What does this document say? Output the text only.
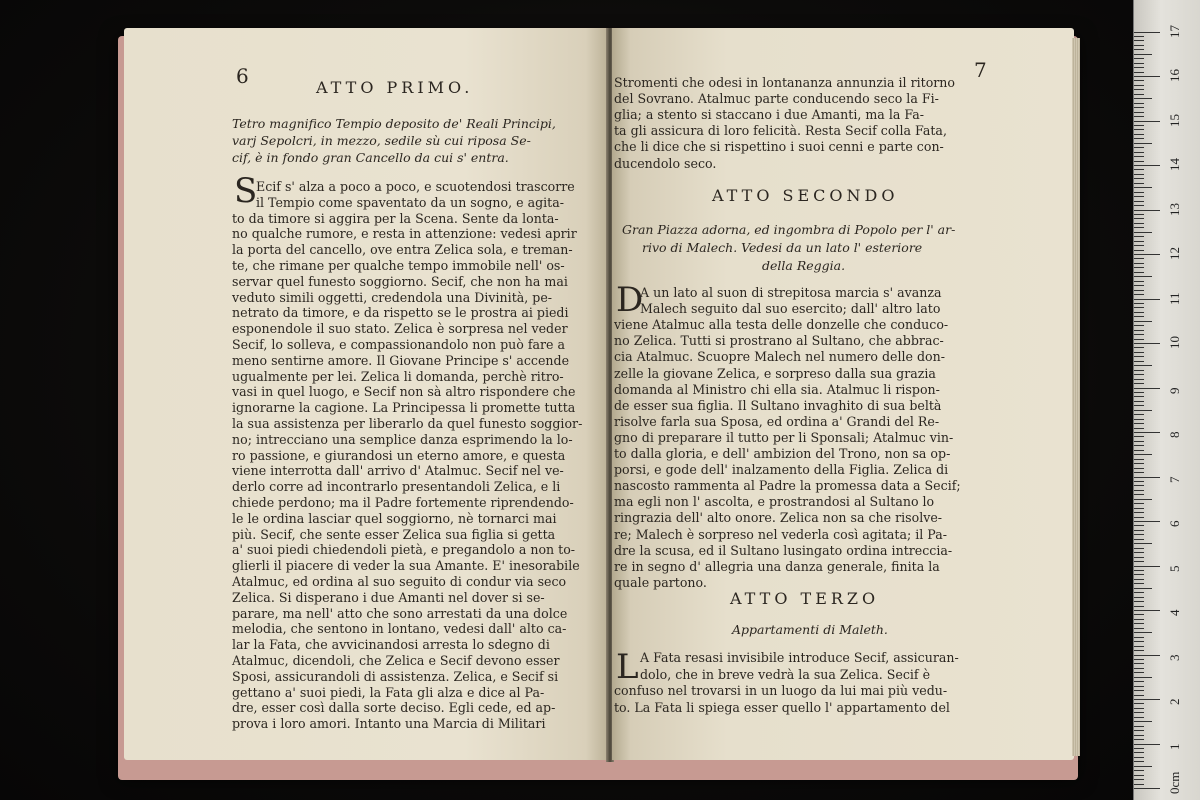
0cm
1
2
3
4
5
6
7
8
9
10
11
12
13
14
15
16
17
6	ATTO PRIMO.
S
Tetro magnifico Tempio deposito de' Reali Principi,
varj Sepolcri, in mezzo, sedile sù cui riposa Se-
cif, è in fondo gran Cancello da cui s' entra.
Ecif s' alza a poco a poco, e scuotendosi trascorre
il Tempio come spaventato da un sogno, e agita-
to da timore si aggira per la Scena. Sente da lonta-
no qualche rumore, e resta in attenzione: vedesi aprir
la porta del cancello, ove entra Zelica sola, e treman-
te, che rimane per qualche tempo immobile nell' os-
servar quel funesto soggiorno. Secif, che non ha mai
veduto simili oggetti, credendola una Divinità, pe-
netrato da timore, e da rispetto se le prostra ai piedi
esponendole il suo stato. Zelica è sorpresa nel veder
Secif, lo solleva, e compassionandolo non può fare a
meno sentirne amore. Il Giovane Principe s' accende
ugualmente per lei. Zelica li domanda, perchè ritro-
vasi in quel luogo, e Secif non sà altro rispondere che
ignorarne la cagione. La Principessa li promette tutta
la sua assistenza per liberarlo da quel funesto soggior-
no; intrecciano una semplice danza esprimendo la lo-
ro passione, e giurandosi un eterno amore, e questa
viene interrotta dall' arrivo d' Atalmuc. Secif nel ve-
derlo corre ad incontrarlo presentandoli Zelica, e li
chiede perdono; ma il Padre fortemente riprendendo-
le le ordina lasciar quel soggiorno, nè tornarci mai
più. Secif, che sente esser Zelica sua figlia si getta
a' suoi piedi chiedendoli pietà, e pregandolo a non to-
glierli il piacere di veder la sua Amante. E' inesorabile
Atalmuc, ed ordina al suo seguito di condur via seco
Zelica. Si disperano i due Amanti nel dover si se-
parare, ma nell' atto che sono arrestati da una dolce
melodia, che sentono in lontano, vedesi dall' alto ca-
lar la Fata, che avvicinandosi arresta lo sdegno di
Atalmuc, dicendoli, che Zelica e Secif devono esser
Sposi, assicurandoli di assistenza. Zelica, e Secif si
gettano a' suoi piedi, la Fata gli alza e dice al Pa-
dre, esser così dalla sorte deciso. Egli cede, ed ap-
prova i loro amori. Intanto una Marcia di Militari
7
ATTO SECONDO
D
ATTO TERZO
L
Stromenti che odesi in lontananza annunzia il ritorno
del Sovrano. Atalmuc parte conducendo seco la Fi-
glia; a stento si staccano i due Amanti, ma la Fa-
ta gli assicura di loro felicità. Resta Secif colla Fata,
che li dice che si rispettino i suoi cenni e parte con-
ducendolo seco.
Gran Piazza adorna, ed ingombra di Popolo per l' ar-
rivo di Malech. Vedesi da un lato l' esteriore
della Reggia.
A un lato al suon di strepitosa marcia s' avanza
Malech seguito dal suo esercito; dall' altro lato
viene Atalmuc alla testa delle donzelle che conduco-
no Zelica. Tutti si prostrano al Sultano, che abbrac-
cia Atalmuc. Scuopre Malech nel numero delle don-
zelle la giovane Zelica, e sorpreso dalla sua grazia
domanda al Ministro chi ella sia. Atalmuc li rispon-
de esser sua figlia. Il Sultano invaghito di sua beltà
risolve farla sua Sposa, ed ordina a' Grandi del Re-
gno di preparare il tutto per li Sponsali; Atalmuc vin-
to dalla gloria, e dell' ambizion del Trono, non sa op-
porsi, e gode dell' inalzamento della Figlia. Zelica di
nascosto rammenta al Padre la promessa data a Secif;
ma egli non l' ascolta, e prostrandosi al Sultano lo
ringrazia dell' alto onore. Zelica non sa che risolve-
re; Malech è sorpreso nel vederla così agitata; il Pa-
dre la scusa, ed il Sultano lusingato ordina intreccia-
re in segno d' allegria una danza generale, finita la
quale partono.
Appartamenti di Maleth.
A Fata resasi invisibile introduce Secif, assicuran-
dolo, che in breve vedrà la sua Zelica. Secif è
confuso nel trovarsi in un luogo da lui mai più vedu-
to. La Fata li spiega esser quello l' appartamento del
